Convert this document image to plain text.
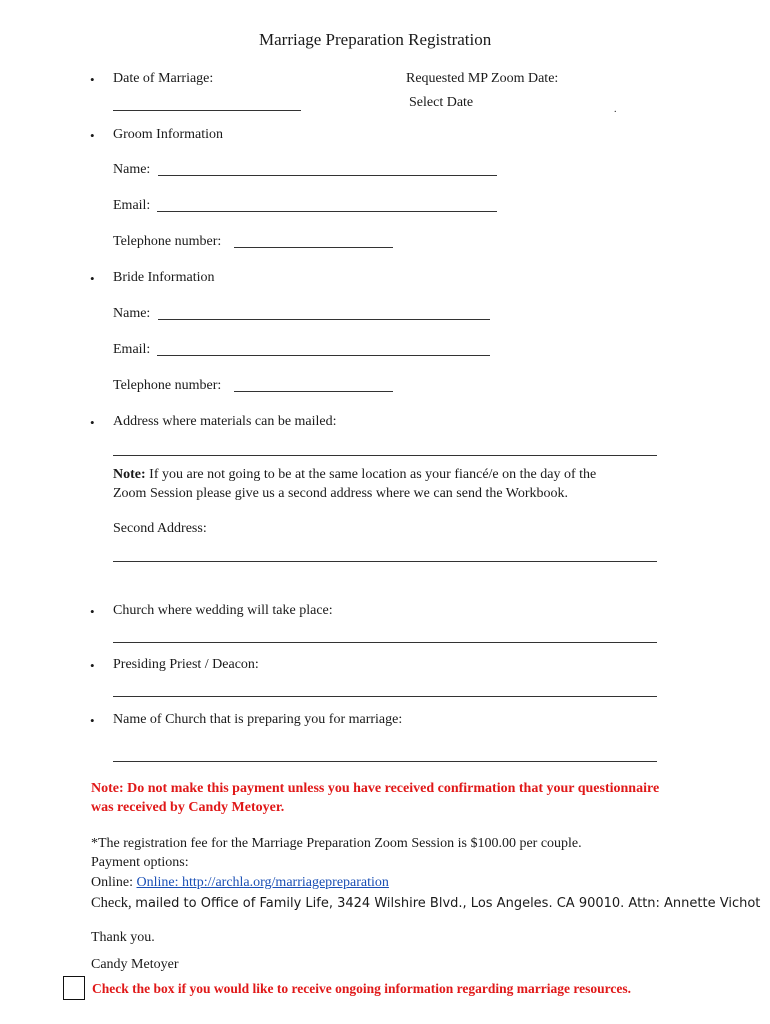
Marriage Preparation Registration
• Date of Marriage:	Requested MP Zoom Date:
Select Date	.
• Groom Information
Name:
Email:
Telephone number:
• Bride Information
Name:
Email:
Telephone number:
• Address where materials can be mailed:
Note: If you are not going to be at the same location as your fiancé/e on the day of the
Zoom Session please give us a second address where we can send the Workbook.
Second Address:
• Church where wedding will take place:
• Presiding Priest / Deacon:
• Name of Church that is preparing you for marriage:
Note: Do not make this payment unless you have received confirmation that your questionnaire
was received by Candy Metoyer.
*The registration fee for the Marriage Preparation Zoom Session is $100.00 per couple.
Payment options:
Online: Online: http://archla.org/marriagepreparation
Check, mailed to Office of Family Life, 3424 Wilshire Blvd., Los Angeles. CA 90010. Attn: Annette Vichot
Thank you.
Candy Metoyer
Check the box if you would like to receive ongoing information regarding marriage resources.
